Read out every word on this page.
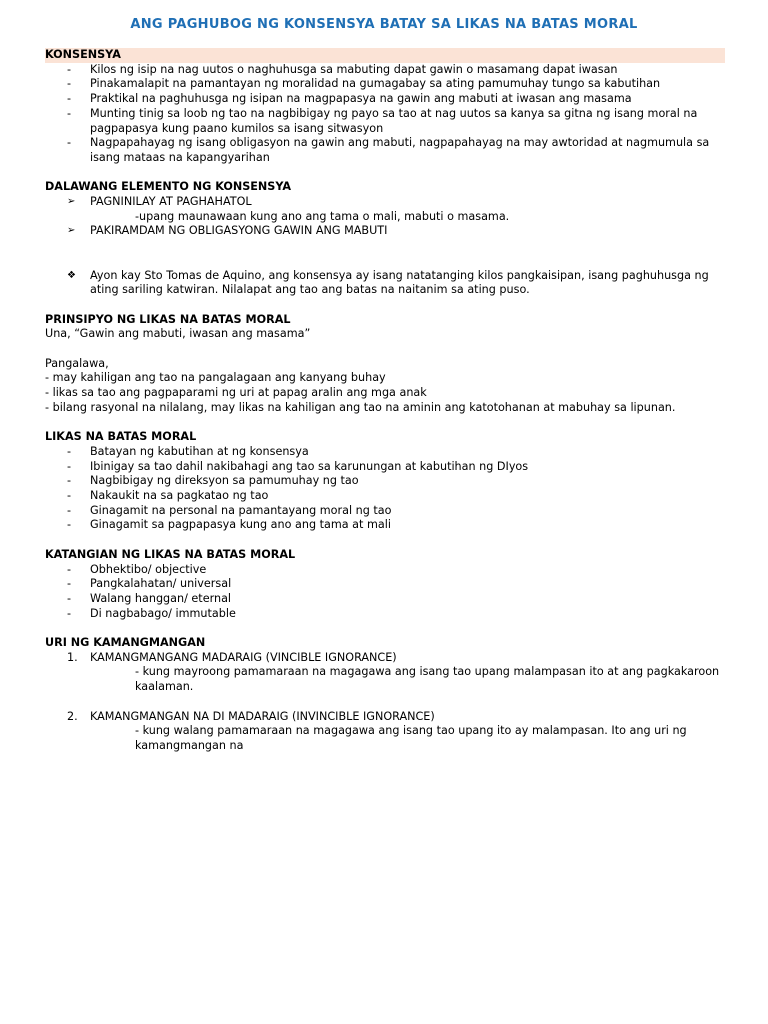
ANG PAGHUBOG NG KONSENSYA BATAY SA LIKAS NA BATAS MORAL
KONSENSYA
-	Kilos ng isip na nag uutos o naghuhusga sa mabuting dapat gawin o masamang dapat iwasan
-	Pinakamalapit na pamantayan ng moralidad na gumagabay sa ating pamumuhay tungo sa kabutihan
-	Praktikal na paghuhusga ng isipan na magpapasya na gawin ang mabuti at iwasan ang masama
-	Munting tinig sa loob ng tao na nagbibigay ng payo sa tao at nag uutos sa kanya sa gitna ng isang moral na
pagpapasya kung paano kumilos sa isang sitwasyon
-	Nagpapahayag ng isang obligasyon na gawin ang mabuti, nagpapahayag na may awtoridad at nagmumula sa
isang mataas na kapangyarihan
DALAWANG ELEMENTO NG KONSENSYA
➢	PAGNINILAY AT PAGHAHATOL
-upang maunawaan kung ano ang tama o mali, mabuti o masama.
➢	PAKIRAMDAM NG OBLIGASYONG GAWIN ANG MABUTI
❖	Ayon kay Sto Tomas de Aquino, ang konsensya ay isang natatanging kilos pangkaisipan, isang paghuhusga ng
ating sariling katwiran. Nilalapat ang tao ang batas na naitanim sa ating puso.
PRINSIPYO NG LIKAS NA BATAS MORAL
Una, “Gawin ang mabuti, iwasan ang masama”
Pangalawa,
- may kahiligan ang tao na pangalagaan ang kanyang buhay
- likas sa tao ang pagpaparami ng uri at papag aralin ang mga anak
- bilang rasyonal na nilalang, may likas na kahiligan ang tao na aminin ang katotohanan at mabuhay sa lipunan.
LIKAS NA BATAS MORAL
-	Batayan ng kabutihan at ng konsensya
-	Ibinigay sa tao dahil nakibahagi ang tao sa karunungan at kabutihan ng DIyos
-	Nagbibigay ng direksyon sa pamumuhay ng tao
-	Nakaukit na sa pagkatao ng tao
-	Ginagamit na personal na pamantayang moral ng tao
-	Ginagamit sa pagpapasya kung ano ang tama at mali
KATANGIAN NG LIKAS NA BATAS MORAL
-	Obhektibo/ objective
-	Pangkalahatan/ universal
-	Walang hanggan/ eternal
-	Di nagbabago/ immutable
URI NG KAMANGMANGAN
1.	KAMANGMANGANG MADARAIG (VINCIBLE IGNORANCE)
- kung mayroong pamamaraan na magagawa ang isang tao upang malampasan ito at ang pagkakaroon
kaalaman.
2.	KAMANGMANGAN NA DI MADARAIG (INVINCIBLE IGNORANCE)
- kung walang pamamaraan na magagawa ang isang tao upang ito ay malampasan. Ito ang uri ng
kamangmangan na
